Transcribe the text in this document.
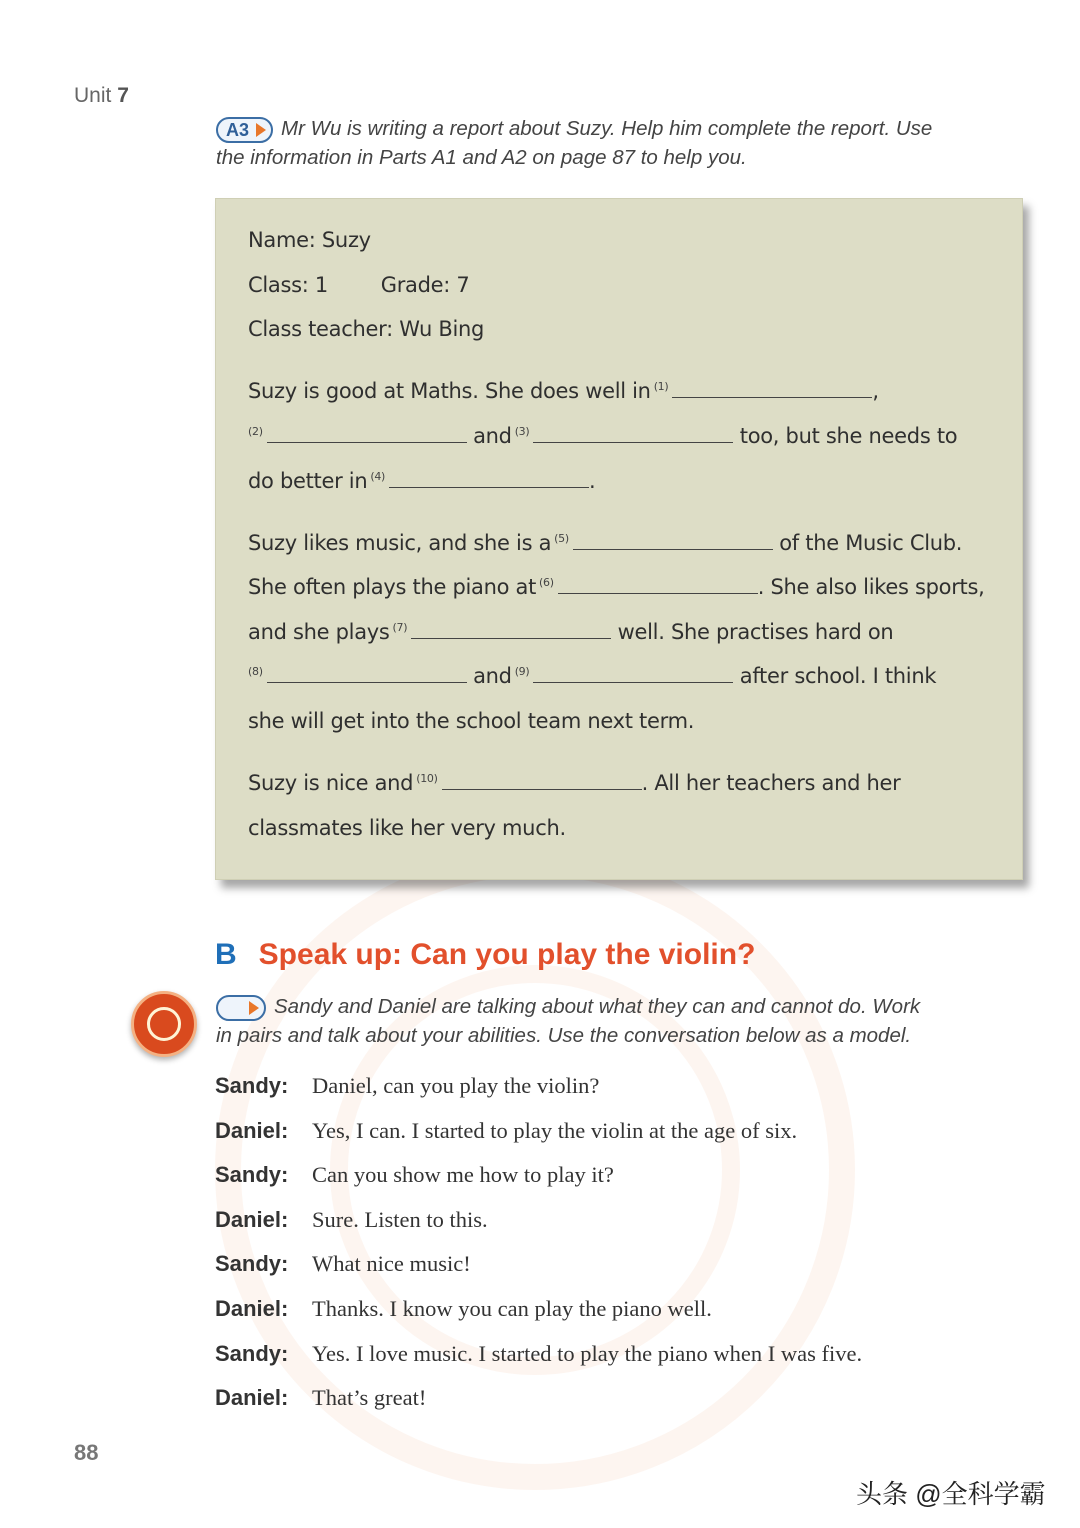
Unit 7
A3 Mr Wu is writing a report about Suzy. Help him complete the report. Use
the information in Parts A1 and A2 on page 87 to help you.
Name: Suzy
Class: 1	Grade: 7
Class teacher: Wu Bing
Suzy is good at Maths. She does well in $^{(1)}$	,
$^{(2)}$	and $^{(3)}$	too, but she needs to
do better in $^{(4)}$	.
Suzy likes music, and she is a $^{(5)}$	of the Music Club.
She often plays the piano at $^{(6)}$	. She also likes sports,
and she plays $^{(7)}$	well. She practises hard on
$^{(8)}$	and $^{(9)}$	after school. I think
she will get into the school team next term.
Suzy is nice and $^{(10)}$	. All her teachers and her
classmates like her very much.
B Speak up: Can you play the violin?
Sandy and Daniel are talking about what they can and cannot do. Work
in pairs and talk about your abilities. Use the conversation below as a model.
Sandy: Daniel, can you play the violin?
Daniel: Yes, I can. I started to play the violin at the age of six.
Sandy: Can you show me how to play it?
Daniel: Sure. Listen to this.
Sandy: What nice music!
Daniel: Thanks. I know you can play the piano well.
Sandy: Yes. I love music. I started to play the piano when I was five.
Daniel: That’s great!
88
头条 @全科学霸
